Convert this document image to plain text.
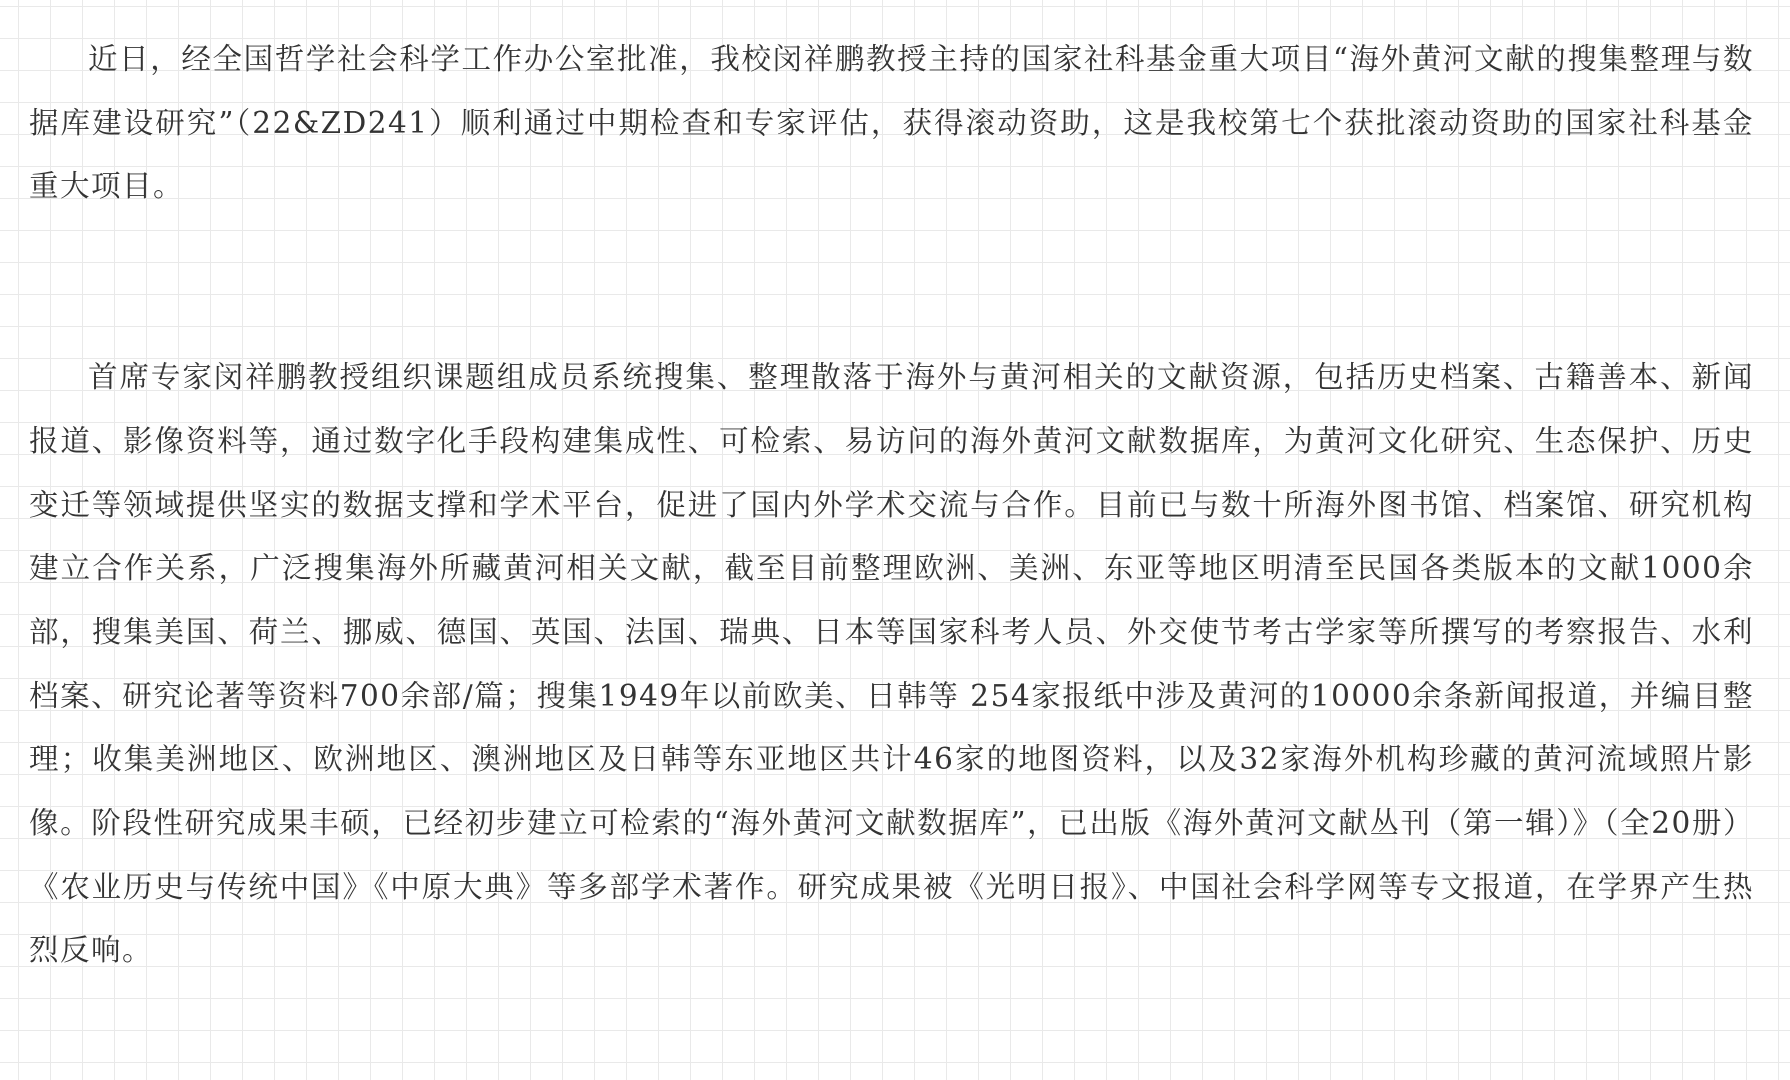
近日，经全国哲学社会科学工作办公室批准，我校闵祥鹏教授主持的国家社科基金重大项目“海外黄河文献的搜集整理与数据库建设研究”（22&ZD241）顺利通过中期检查和专家评估，获得滚动资助，这是我校第七个获批滚动资助的国家社科基金重大项目。

首席专家闵祥鹏教授组织课题组成员系统搜集、整理散落于海外与黄河相关的文献资源，包括历史档案、古籍善本、新闻报道、影像资料等，通过数字化手段构建集成性、可检索、易访问的海外黄河文献数据库，为黄河文化研究、生态保护、历史变迁等领域提供坚实的数据支撑和学术平台，促进了国内外学术交流与合作。目前已与数十所海外图书馆、档案馆、研究机构建立合作关系，广泛搜集海外所藏黄河相关文献，截至目前整理欧洲、美洲、东亚等地区明清至民国各类版本的文献1000余部，搜集美国、荷兰、挪威、德国、英国、法国、瑞典、日本等国家科考人员、外交使节考古学家等所撰写的考察报告、水利档案、研究论著等资料700余部/篇；搜集1949年以前欧美、日韩等 254家报纸中涉及黄河的10000余条新闻报道，并编目整理；收集美洲地区、欧洲地区、澳洲地区及日韩等东亚地区共计46家的地图资料，以及32家海外机构珍藏的黄河流域照片影像。阶段性研究成果丰硕，已经初步建立可检索的“海外黄河文献数据库”，已出版《海外黄河文献丛刊（第一辑）》（全20册）《农业历史与传统中国》《中原大典》等多部学术著作。研究成果被《光明日报》、中国社会科学网等专文报道，在学界产生热烈反响。
